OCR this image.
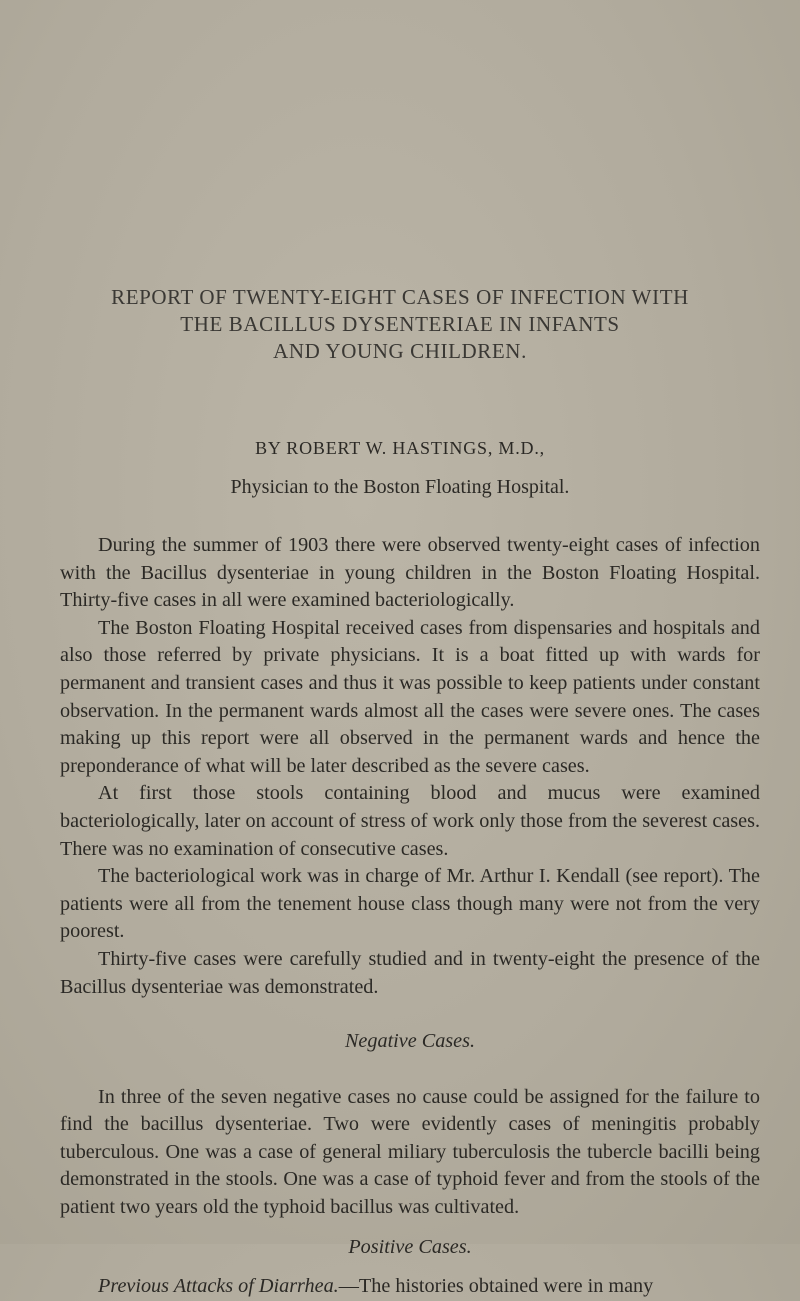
REPORT OF TWENTY-EIGHT CASES OF INFECTION WITH
THE BACILLUS DYSENTERIAE IN INFANTS
AND YOUNG CHILDREN.

BY ROBERT W. HASTINGS, M.D.,

Physician to the Boston Floating Hospital.

During the summer of 1903 there were observed twenty-eight cases of infection with the Bacillus dysenteriae in young children in the Boston Floating Hospital. Thirty-five cases in all were examined bacteriologically.

The Boston Floating Hospital received cases from dispensaries and hospitals and also those referred by private physicians. It is a boat fitted up with wards for permanent and transient cases and thus it was possible to keep patients under constant observation. In the permanent wards almost all the cases were severe ones. The cases making up this report were all observed in the permanent wards and hence the preponderance of what will be later described as the severe cases.

At first those stools containing blood and mucus were examined bacteriologically, later on account of stress of work only those from the severest cases. There was no examination of consecutive cases.

The bacteriological work was in charge of Mr. Arthur I. Kendall (see report). The patients were all from the tenement house class though many were not from the very poorest.

Thirty-five cases were carefully studied and in twenty-eight the presence of the Bacillus dysenteriae was demonstrated.

Negative Cases.

In three of the seven negative cases no cause could be assigned for the failure to find the bacillus dysenteriae. Two were evidently cases of meningitis probably tuberculous. One was a case of general miliary tuberculosis the tubercle bacilli being demonstrated in the stools. One was a case of typhoid fever and from the stools of the patient two years old the typhoid bacillus was cultivated.

Positive Cases.

Previous Attacks of Diarrhea.—The histories obtained were in many
